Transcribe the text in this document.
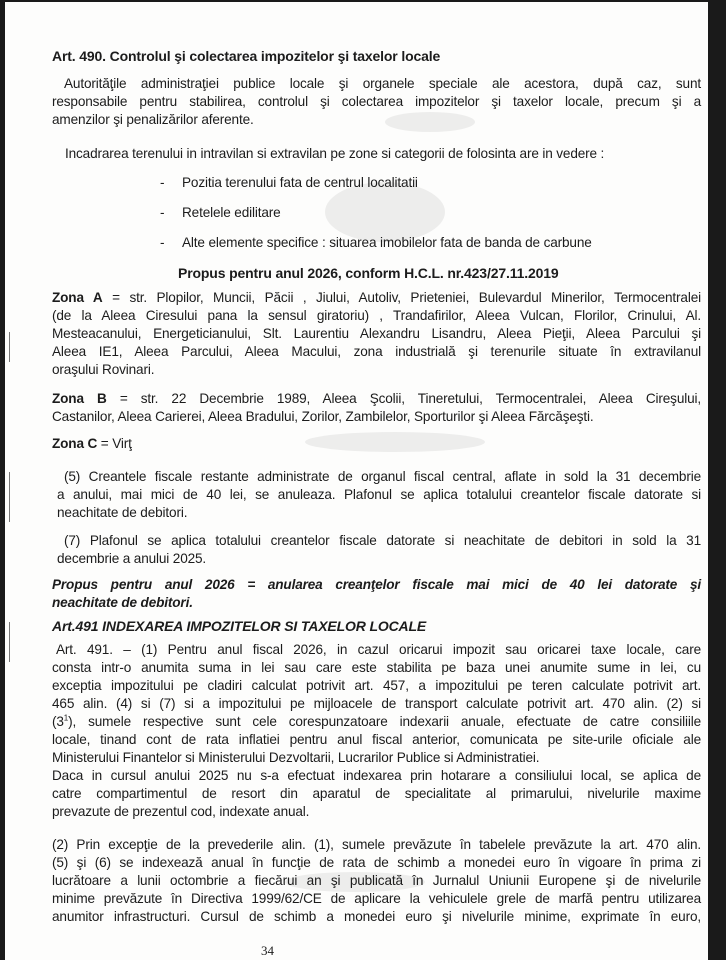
Art. 490. Controlul şi colectarea impozitelor şi taxelor locale
Autorităţile administraţiei publice locale şi organele speciale ale acestora, după caz, sunt
responsabile pentru stabilirea, controlul şi colectarea impozitelor şi taxelor locale, precum şi a
amenzilor şi penalizărilor aferente.
Incadrarea terenului in intravilan si extravilan pe zone si categorii de folosinta are in vedere :
- Pozitia terenului fata de centrul localitatii
- Retelele edilitare
- Alte elemente specifice : situarea imobilelor fata de banda de carbune
Propus pentru anul 2026, conform H.C.L. nr.423/27.11.2019
Zona A = str. Plopilor, Muncii, Păcii , Jiului, Autoliv, Prieteniei, Bulevardul Minerilor, Termocentralei
(de la Aleea Ciresului pana la sensul giratoriu) , Trandafirilor, Aleea Vulcan, Florilor, Crinului, Al.
Mesteacanului, Energeticianului, Slt. Laurentiu Alexandru Lisandru, Aleea Pieţii, Aleea Parcului şi
Aleea IE1, Aleea Parcului, Aleea Macului, zona industrială şi terenurile situate în extravilanul
oraşului Rovinari.
Zona B = str. 22 Decembrie 1989, Aleea Şcolii, Tineretului, Termocentralei, Aleea Cireşului,
Castanilor, Aleea Carierei, Aleea Bradului, Zorilor, Zambilelor, Sporturilor şi Aleea Fărcăşeşti.
Zona C = Virţ
(5) Creantele fiscale restante administrate de organul fiscal central, aflate in sold la 31 decembrie
a anului, mai mici de 40 lei, se anuleaza. Plafonul se aplica totalului creantelor fiscale datorate si
neachitate de debitori.
(7) Plafonul se aplica totalului creantelor fiscale datorate si neachitate de debitori in sold la 31
decembrie a anului 2025.
Propus pentru anul 2026 = anularea creanţelor fiscale mai mici de 40 lei datorate şi
neachitate de debitori.
Art.491 INDEXAREA IMPOZITELOR SI TAXELOR LOCALE
Art. 491. – (1) Pentru anul fiscal 2026, in cazul oricarui impozit sau oricarei taxe locale, care
consta intr-o anumita suma in lei sau care este stabilita pe baza unei anumite sume in lei, cu
exceptia impozitului pe cladiri calculat potrivit art. 457, a impozitului pe teren calculate potrivit art.
465 alin. (4) si (7) si a impozitului pe mijloacele de transport calculate potrivit art. 470 alin. (2) si
$(3^1)$, sumele respective sunt cele corespunzatoare indexarii anuale, efectuate de catre consiliile
locale, tinand cont de rata inflatiei pentru anul fiscal anterior, comunicata pe site-urile oficiale ale
Ministerului Finantelor si Ministerului Dezvoltarii, Lucrarilor Publice si Administratiei.
Daca in cursul anului 2025 nu s-a efectuat indexarea prin hotarare a consiliului local, se aplica de
catre compartimentul de resort din aparatul de specialitate al primarului, nivelurile maxime
prevazute de prezentul cod, indexate anual.
(2) Prin excepţie de la prevederile alin. (1), sumele prevăzute în tabelele prevăzute la art. 470 alin.
(5) şi (6) se indexează anual în funcţie de rata de schimb a monedei euro în vigoare în prima zi
lucrătoare a lunii octombrie a fiecărui an şi publicată în Jurnalul Uniunii Europene şi de nivelurile
minime prevăzute în Directiva 1999/62/CE de aplicare la vehiculele grele de marfă pentru utilizarea
anumitor infrastructuri. Cursul de schimb a monedei euro şi nivelurile minime, exprimate în euro,
34
